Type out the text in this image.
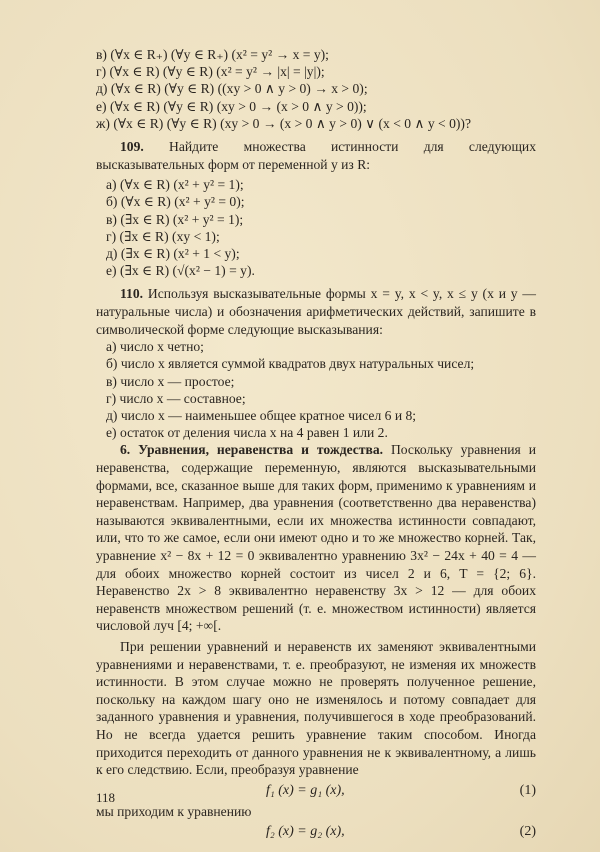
в) (∀x ∈ R₊) (∀y ∈ R₊) (x² = y² → x = y);
г) (∀x ∈ R) (∀y ∈ R) (x² = y² → |x| = |y|);
д) (∀x ∈ R) (∀y ∈ R) ((xy > 0 ∧ y > 0) → x > 0);
е) (∀x ∈ R) (∀y ∈ R) (xy > 0 → (x > 0 ∧ y > 0));
ж) (∀x ∈ R) (∀y ∈ R) (xy > 0 → (x > 0 ∧ y > 0) ∨ (x < 0 ∧ y < 0))?
109. Найдите множества истинности для следующих высказывательных форм от переменной y из R:
а) (∀x ∈ R) (x² + y² = 1);
б) (∀x ∈ R) (x² + y² = 0);
в) (∃x ∈ R) (x² + y² = 1);
г) (∃x ∈ R) (xy < 1);
д) (∃x ∈ R) (x² + 1 < y);
е) (∃x ∈ R) (√(x² − 1) = y).
110. Используя высказывательные формы x = y, x < y, x ≤ y (x и y — натуральные числа) и обозначения арифметических действий, запишите в символической форме следующие высказывания:
а) число x четно;
б) число x является суммой квадратов двух натуральных чисел;
в) число x — простое;
г) число x — составное;
д) число x — наименьшее общее кратное чисел 6 и 8;
е) остаток от деления числа x на 4 равен 1 или 2.
6. Уравнения, неравенства и тождества. Поскольку уравнения и неравенства, содержащие переменную, являются высказывательными формами, все, сказанное выше для таких форм, применимо к уравнениям и неравенствам. Например, два уравнения (соответственно два неравенства) называются эквивалентными, если их множества истинности совпадают, или, что то же самое, если они имеют одно и то же множество корней. Так, уравнение x² − 8x + 12 = 0 эквивалентно уравнению 3x² − 24x + 40 = 4 — для обоих множество корней состоит из чисел 2 и 6, T = {2; 6}. Неравенство 2x > 8 эквивалентно неравенству 3x > 12 — для обоих неравенств множеством решений (т. е. множеством истинности) является числовой луч [4; +∞[.
При решении уравнений и неравенств их заменяют эквивалентными уравнениями и неравенствами, т. е. преобразуют, не изменяя их множеств истинности. В этом случае можно не проверять полученное решение, поскольку на каждом шагу оно не изменялось и потому совпадает для заданного уравнения и уравнения, получившегося в ходе преобразований. Но не всегда удается решить уравнение таким способом. Иногда приходится переходить от данного уравнения не к эквивалентному, а лишь к его следствию. Если, преобразуя уравнение
f₁ (x) = g₁ (x),	(1)
мы приходим к уравнению
f₂ (x) = g₂ (x),	(2)
118
